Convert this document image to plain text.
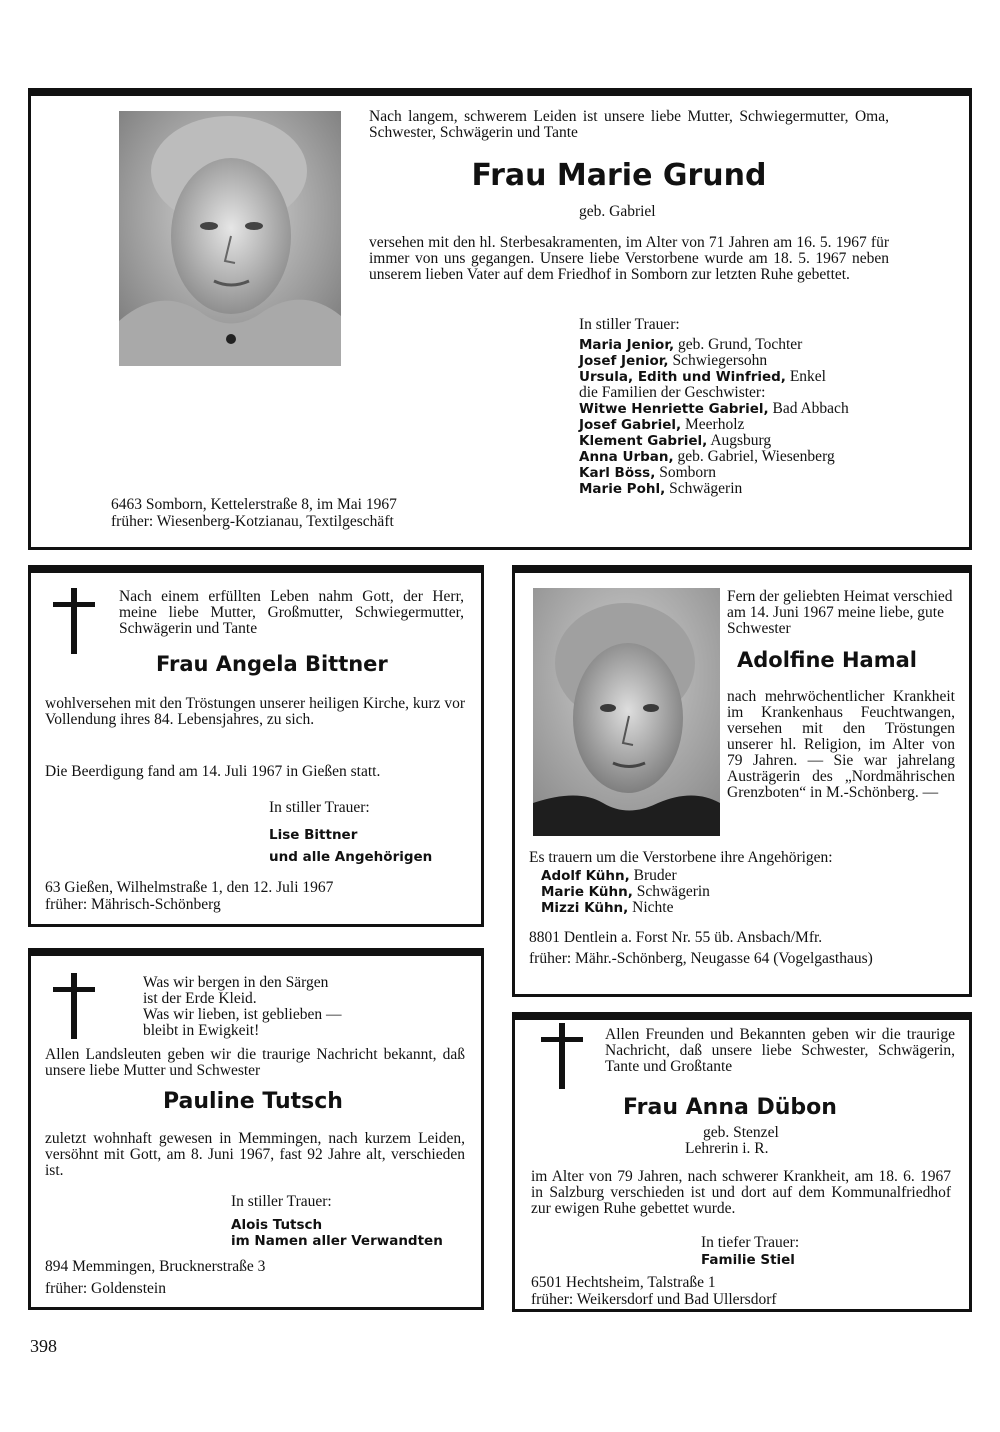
Nach langem, schwerem Leiden ist unsere liebe Mutter, Schwiegermutter, Oma, Schwester, Schwägerin und Tante

Frau Marie Grund

geb. Gabriel

versehen mit den hl. Sterbesakramenten, im Alter von 71 Jahren am 16. 5. 1967 für immer von uns gegangen. Unsere liebe Verstorbene wurde am 18. 5. 1967 neben unserem lieben Vater auf dem Friedhof in Somborn zur letzten Ruhe gebettet.

In stiller Trauer:

Maria Jenior, geb. Grund, Tochter
Josef Jenior, Schwiegersohn
Ursula, Edith und Winfried, Enkel
die Familien der Geschwister:
Witwe Henriette Gabriel, Bad Abbach
Josef Gabriel, Meerholz
Klement Gabriel, Augsburg
Anna Urban, geb. Gabriel, Wiesenberg
Karl Böss, Somborn
Marie Pohl, Schwägerin

6463 Somborn, Kettelerstraße 8, im Mai 1967

früher: Wiesenberg-Kotzianau, Textilgeschäft

Nach einem erfüllten Leben nahm Gott, der Herr, meine liebe Mutter, Großmutter, Schwiegermutter, Schwägerin und Tante

Frau Angela Bittner

wohlversehen mit den Tröstungen unserer heiligen Kirche, kurz vor Vollendung ihres 84. Lebensjahres, zu sich.

Die Beerdigung fand am 14. Juli 1967 in Gießen statt.

In stiller Trauer:

Lise Bittner

und alle Angehörigen

63 Gießen, Wilhelmstraße 1, den 12. Juli 1967

früher: Mährisch-Schönberg

Was wir bergen in den Särgen
ist der Erde Kleid.
Was wir lieben, ist geblieben —
bleibt in Ewigkeit!

Allen Landsleuten geben wir die traurige Nachricht bekannt, daß unsere liebe Mutter und Schwester

Pauline Tutsch

zuletzt wohnhaft gewesen in Memmingen, nach kurzem Leiden, versöhnt mit Gott, am 8. Juni 1967, fast 92 Jahre alt, verschieden ist.

In stiller Trauer:

Alois Tutsch

im Namen aller Verwandten

894 Memmingen, Brucknerstraße 3

früher: Goldenstein

Fern der geliebten Heimat verschied am 14. Juni 1967 meine liebe, gute Schwester

Adolfine Hamal

nach mehrwöchentlicher Krankheit im Krankenhaus Feuchtwangen, versehen mit den Tröstungen unserer hl. Religion, im Alter von 79 Jahren. — Sie war jahrelang Austrägerin des „Nordmährischen Grenzboten“ in M.-Schönberg. —

Es trauern um die Verstorbene ihre Angehörigen:

Adolf Kühn, Bruder
Marie Kühn, Schwägerin
Mizzi Kühn, Nichte

8801 Dentlein a. Forst Nr. 55 üb. Ansbach/Mfr.

früher: Mähr.-Schönberg, Neugasse 64 (Vogelgasthaus)

Allen Freunden und Bekannten geben wir die traurige Nachricht, daß unsere liebe Schwester, Schwägerin, Tante und Großtante

Frau Anna Dübon

geb. Stenzel

Lehrerin i. R.

im Alter von 79 Jahren, nach schwerer Krankheit, am 18. 6. 1967 in Salzburg verschieden ist und dort auf dem Kommunalfriedhof zur ewigen Ruhe gebettet wurde.

In tiefer Trauer:

Familie Stiel

6501 Hechtsheim, Talstraße 1

früher: Weikersdorf und Bad Ullersdorf

398
